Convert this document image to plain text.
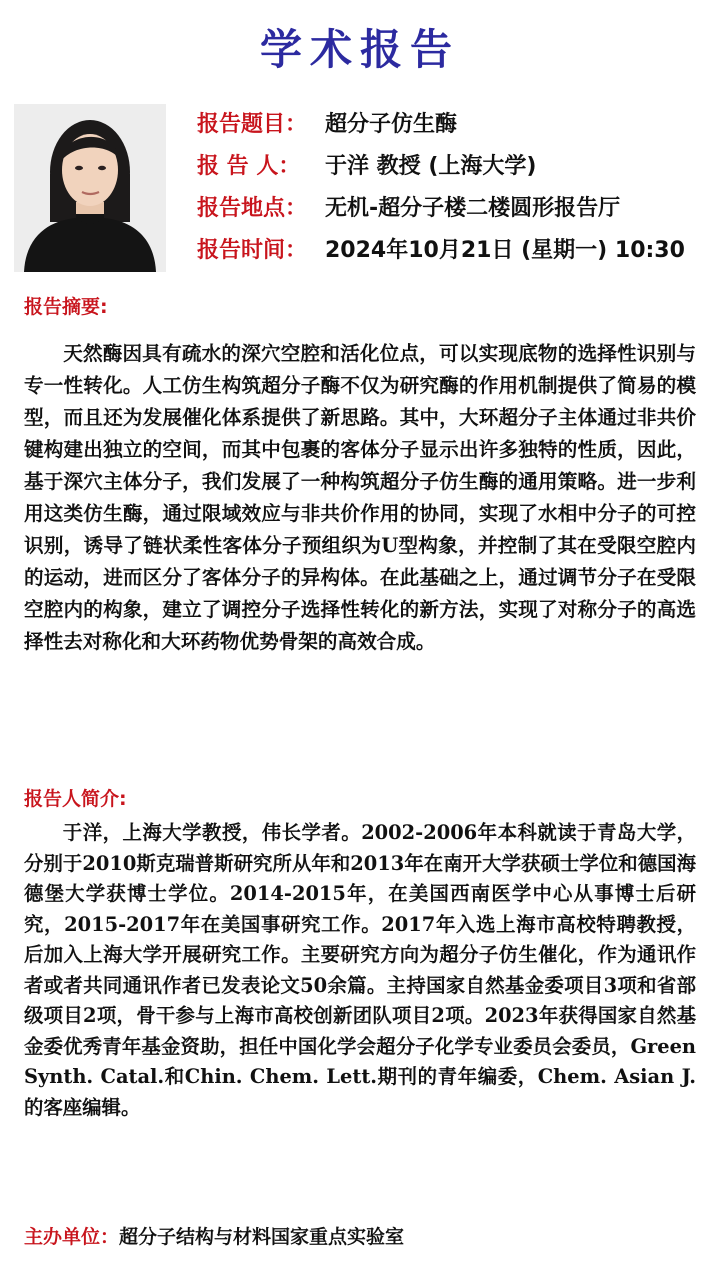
学术报告
报告题目： 超分子仿生酶
报 告 人： 于洋 教授 (上海大学)
报告地点： 无机-超分子楼二楼圆形报告厅
报告时间： 2024年10月21日 (星期一) 10:30
报告摘要:
天然酶因具有疏水的深穴空腔和活化位点，可以实现底物的选择性识别与专一性转化。人工仿生构筑超分子酶不仅为研究酶的作用机制提供了简易的模型，而且还为发展催化体系提供了新思路。其中，大环超分子主体通过非共价键构建出独立的空间，而其中包裹的客体分子显示出许多独特的性质，因此，基于深穴主体分子，我们发展了一种构筑超分子仿生酶的通用策略。进一步利用这类仿生酶，通过限域效应与非共价作用的协同，实现了水相中分子的可控识别，诱导了链状柔性客体分子预组织为U型构象，并控制了其在受限空腔内的运动，进而区分了客体分子的异构体。在此基础之上，通过调节分子在受限空腔内的构象，建立了调控分子选择性转化的新方法，实现了对称分子的高选择性去对称化和大环药物优势骨架的高效合成。
报告人简介:
于洋，上海大学教授，伟长学者。2002-2006年本科就读于青岛大学，分别于2010斯克瑞普斯研究所从年和2013年在南开大学获硕士学位和德国海德堡大学获博士学位。2014-2015年，在美国西南医学中心从事博士后研究，2015-2017年在美国事研究工作。2017年入选上海市高校特聘教授，后加入上海大学开展研究工作。主要研究方向为超分子仿生催化，作为通讯作者或者共同通讯作者已发表论文50余篇。主持国家自然基金委项目3项和省部级项目2项，骨干参与上海市高校创新团队项目2项。2023年获得国家自然基金委优秀青年基金资助，担任中国化学会超分子化学专业委员会委员，Green Synth. Catal.和Chin. Chem. Lett.期刊的青年编委，Chem. Asian J.的客座编辑。
主办单位：超分子结构与材料国家重点实验室
